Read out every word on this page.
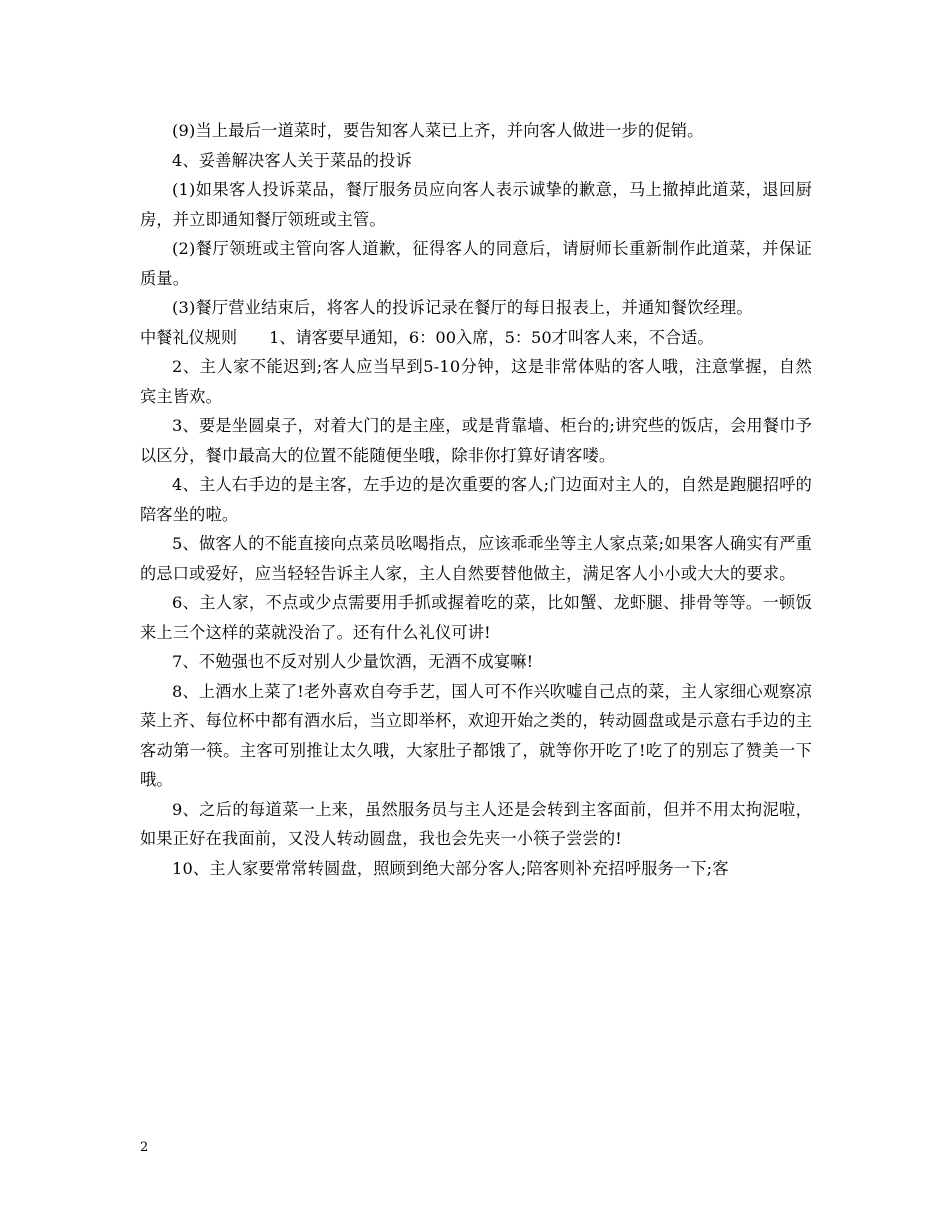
(9)当上最后一道菜时，要告知客人菜已上齐，并向客人做进一步的促销。

4、妥善解决客人关于菜品的投诉

(1)如果客人投诉菜品，餐厅服务员应向客人表示诚挚的歉意，马上撤掉此道菜，退回厨房，并立即通知餐厅领班或主管。

(2)餐厅领班或主管向客人道歉，征得客人的同意后，请厨师长重新制作此道菜，并保证质量。

(3)餐厅营业结束后，将客人的投诉记录在餐厅的每日报表上，并通知餐饮经理。

中餐礼仪规则 1、请客要早通知，6：00入席，5：50才叫客人来，不合适。

2、主人家不能迟到;客人应当早到5-10分钟，这是非常体贴的客人哦，注意掌握，自然宾主皆欢。

3、要是坐圆桌子，对着大门的是主座，或是背靠墙、柜台的;讲究些的饭店，会用餐巾予以区分，餐巾最高大的位置不能随便坐哦，除非你打算好请客喽。

4、主人右手边的是主客，左手边的是次重要的客人;门边面对主人的，自然是跑腿招呼的陪客坐的啦。

5、做客人的不能直接向点菜员吆喝指点，应该乖乖坐等主人家点菜;如果客人确实有严重的忌口或爱好，应当轻轻告诉主人家，主人自然要替他做主，满足客人小小或大大的要求。

6、主人家，不点或少点需要用手抓或握着吃的菜，比如蟹、龙虾腿、排骨等等。一顿饭来上三个这样的菜就没治了。还有什么礼仪可讲!

7、不勉强也不反对别人少量饮酒，无酒不成宴嘛!

8、上酒水上菜了!老外喜欢自夸手艺，国人可不作兴吹嘘自己点的菜，主人家细心观察凉菜上齐、每位杯中都有酒水后，当立即举杯，欢迎开始之类的，转动圆盘或是示意右手边的主客动第一筷。主客可别推让太久哦，大家肚子都饿了，就等你开吃了!吃了的别忘了赞美一下哦。

9、之后的每道菜一上来，虽然服务员与主人还是会转到主客面前，但并不用太拘泥啦，如果正好在我面前，又没人转动圆盘，我也会先夹一小筷子尝尝的!

10、主人家要常常转圆盘，照顾到绝大部分客人;陪客则补充招呼服务一下;客

2
